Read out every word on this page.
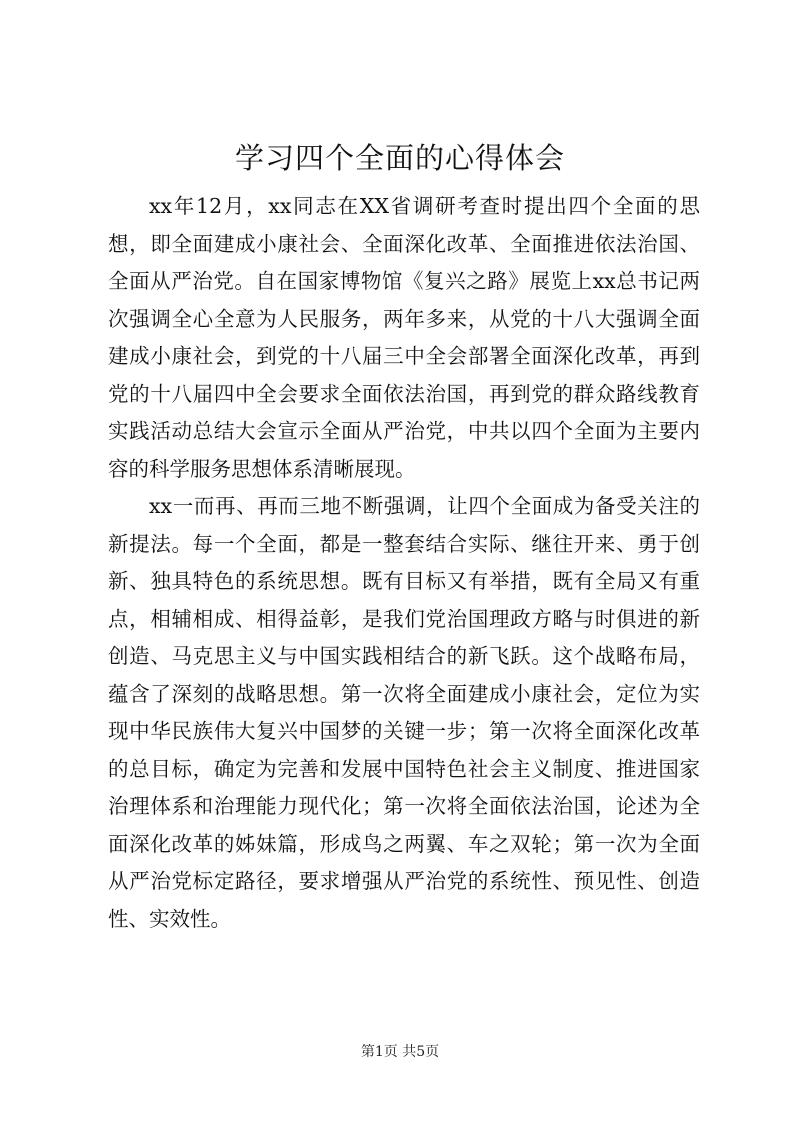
学习四个全面的心得体会

xx年12月，xx同志在XX省调研考查时提出四个全面的思想，即全面建成小康社会、全面深化改革、全面推进依法治国、全面从严治党。自在国家博物馆《复兴之路》展览上xx总书记两次强调全心全意为人民服务，两年多来，从党的十八大强调全面建成小康社会，到党的十八届三中全会部署全面深化改革，再到党的十八届四中全会要求全面依法治国，再到党的群众路线教育实践活动总结大会宣示全面从严治党，中共以四个全面为主要内容的科学服务思想体系清晰展现。

xx一而再、再而三地不断强调，让四个全面成为备受关注的新提法。每一个全面，都是一整套结合实际、继往开来、勇于创新、独具特色的系统思想。既有目标又有举措，既有全局又有重点，相辅相成、相得益彰，是我们党治国理政方略与时俱进的新创造、马克思主义与中国实践相结合的新飞跃。这个战略布局，蕴含了深刻的战略思想。第一次将全面建成小康社会，定位为实现中华民族伟大复兴中国梦的关键一步；第一次将全面深化改革的总目标，确定为完善和发展中国特色社会主义制度、推进国家治理体系和治理能力现代化；第一次将全面依法治国，论述为全面深化改革的姊妹篇，形成鸟之两翼、车之双轮；第一次为全面从严治党标定路径，要求增强从严治党的系统性、预见性、创造性、实效性。

第1页 共5页
